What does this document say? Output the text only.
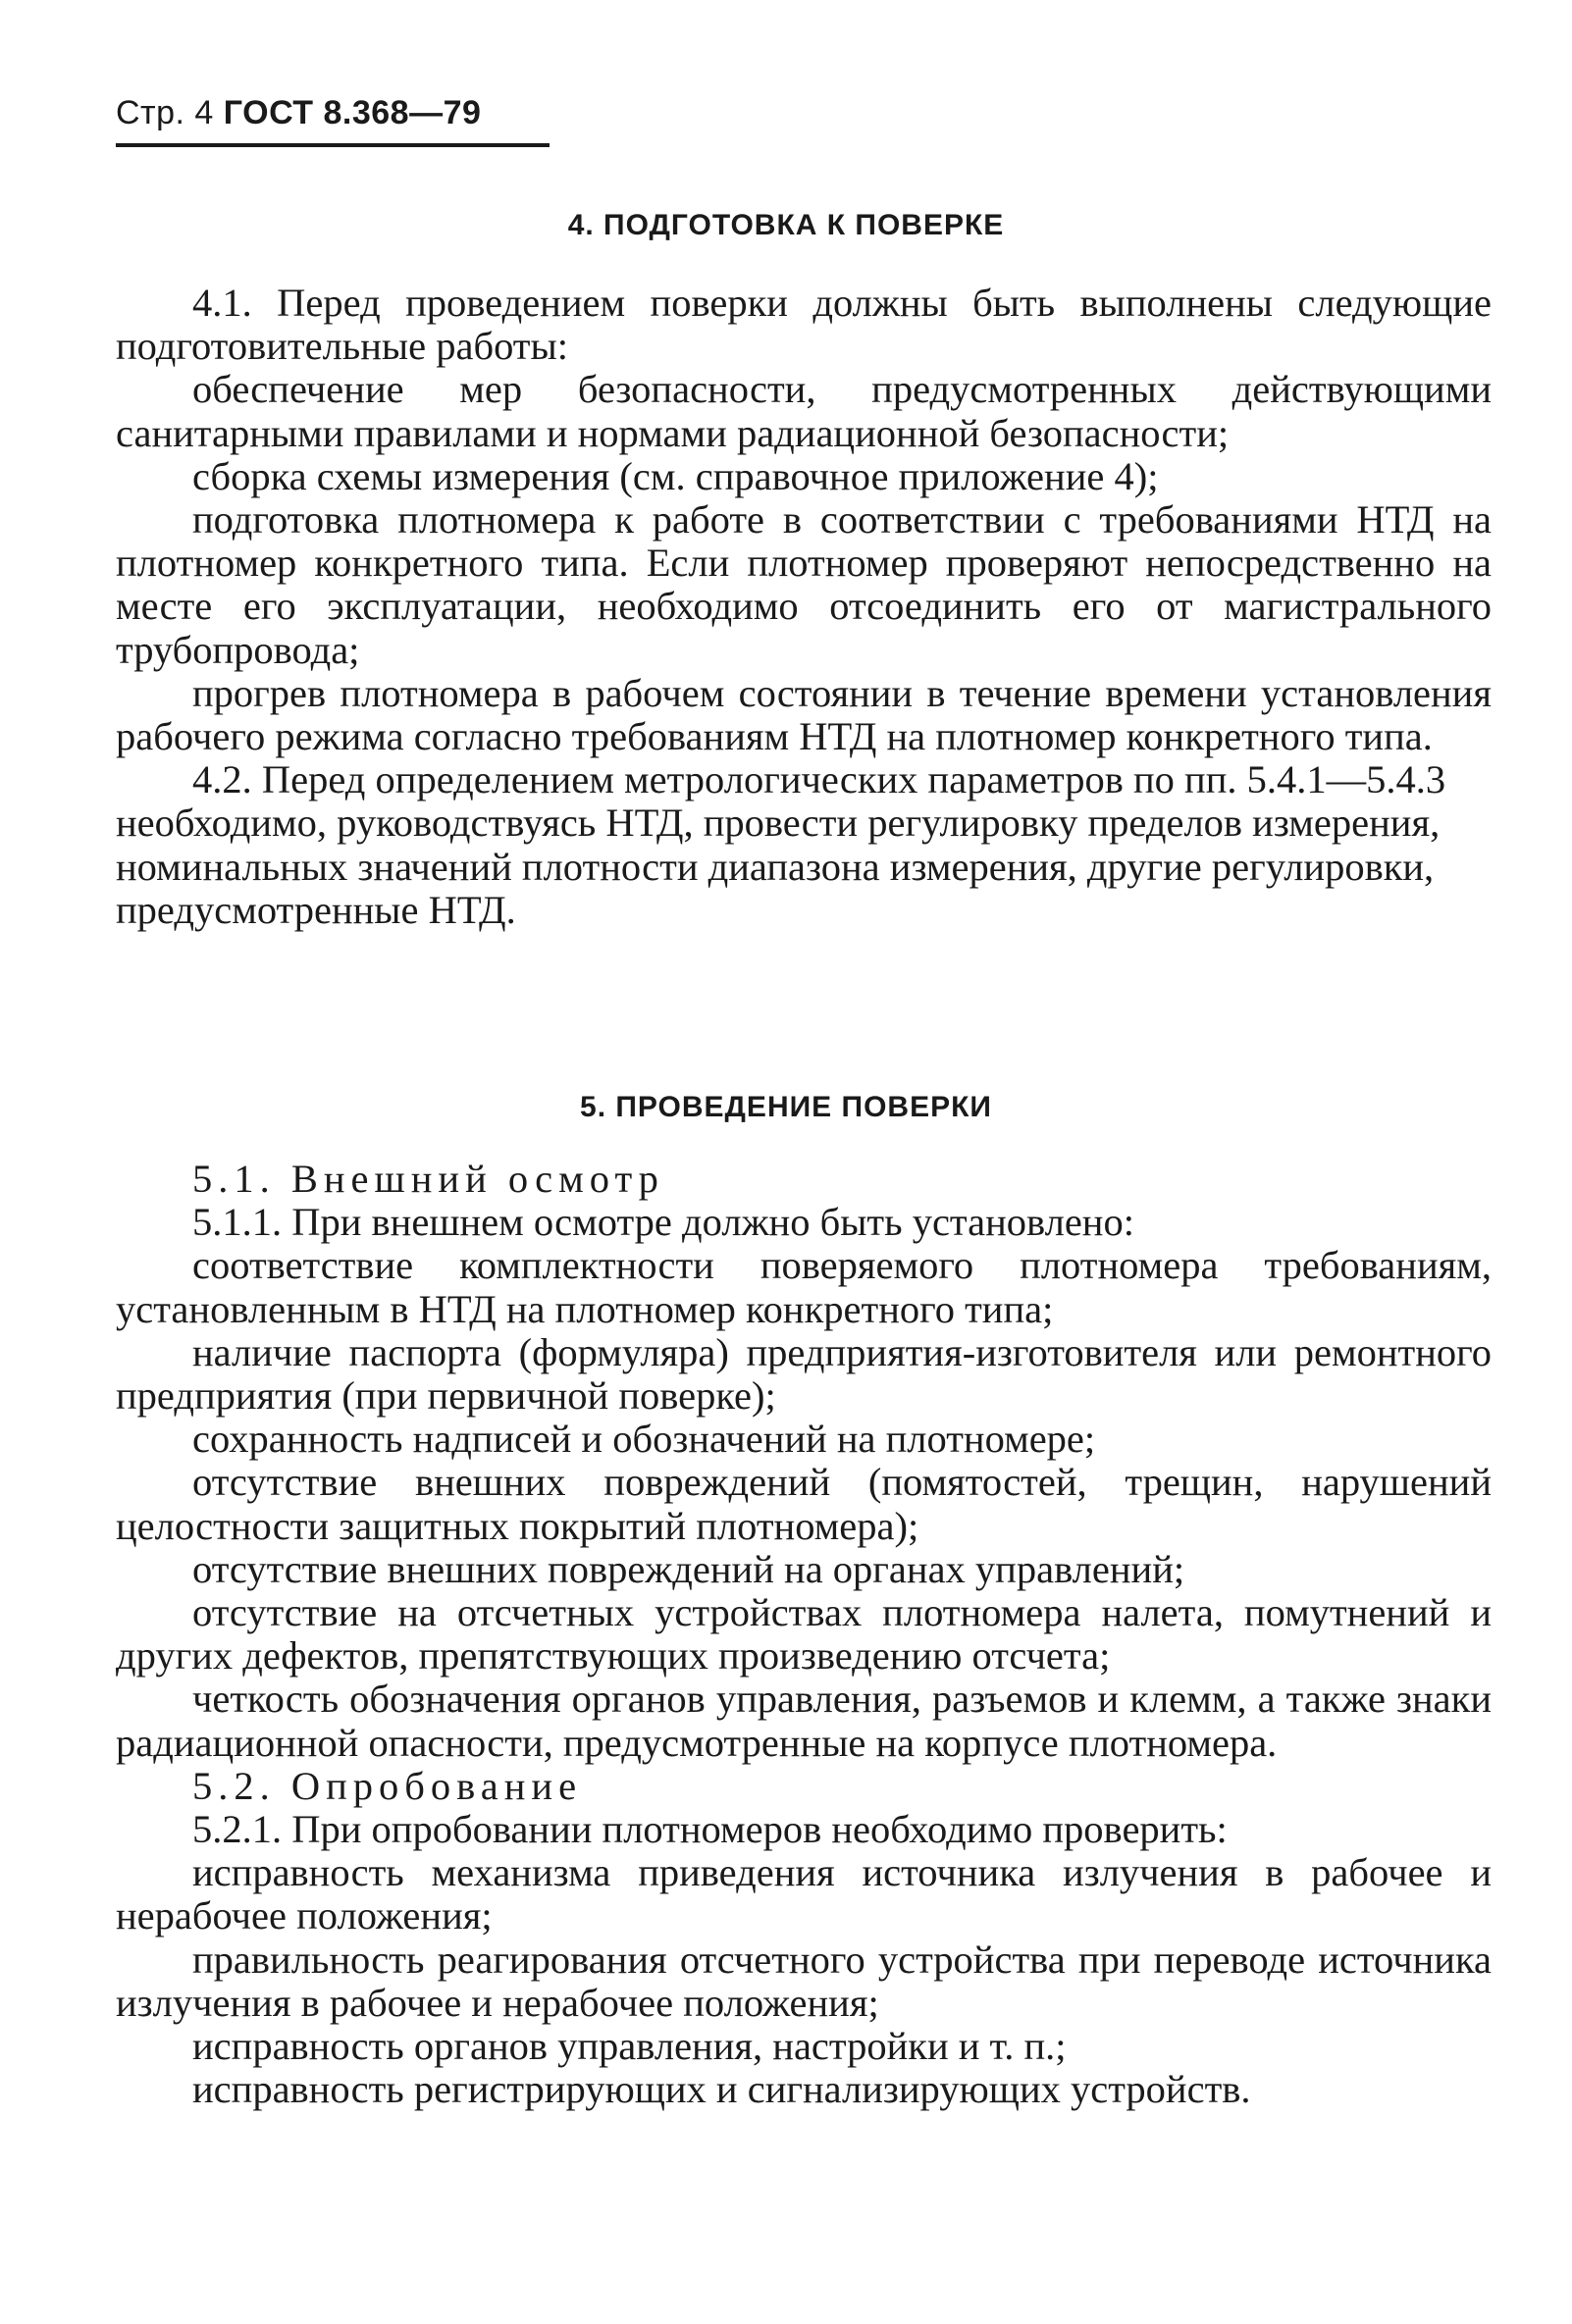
Стр. 4 ГОСТ 8.368—79
4. ПОДГОТОВКА К ПОВЕРКЕ

4.1. Перед проведением поверки должны быть выполнены следующие подготовительные работы:

обеспечение мер безопасности, предусмотренных действующими санитарными правилами и нормами радиационной безопасности;

сборка схемы измерения (см. справочное приложение 4);

подготовка плотномера к работе в соответствии с требованиями НТД на плотномер конкретного типа. Если плотномер проверяют непосредственно на месте его эксплуатации, необходимо отсоединить его от магистрального трубопровода;

прогрев плотномера в рабочем состоянии в течение времени установления рабочего режима согласно требованиям НТД на плотномер конкретного типа.

4.2. Перед определением метрологических параметров по пп. 5.4.1—5.4.3 необходимо, руководствуясь НТД, провести регулировку пределов измерения, номинальных значений плотности диапазона измерения, другие регулировки, предусмотренные НТД.

5. ПРОВЕДЕНИЕ ПОВЕРКИ

5.1. Внешний осмотр

5.1.1. При внешнем осмотре должно быть установлено:

соответствие комплектности поверяемого плотномера требованиям, установленным в НТД на плотномер конкретного типа;

наличие паспорта (формуляра) предприятия-изготовителя или ремонтного предприятия (при первичной поверке);

сохранность надписей и обозначений на плотномере;

отсутствие внешних повреждений (помятостей, трещин, нарушений целостности защитных покрытий плотномера);

отсутствие внешних повреждений на органах управлений;

отсутствие на отсчетных устройствах плотномера налета, помутнений и других дефектов, препятствующих произведению отсчета;

четкость обозначения органов управления, разъемов и клемм, а также знаки радиационной опасности, предусмотренные на корпусе плотномера.

5.2. Опробование

5.2.1. При опробовании плотномеров необходимо проверить:

исправность механизма приведения источника излучения в рабочее и нерабочее положения;

правильность реагирования отсчетного устройства при переводе источника излучения в рабочее и нерабочее положения;

исправность органов управления, настройки и т. п.;

исправность регистрирующих и сигнализирующих устройств.
